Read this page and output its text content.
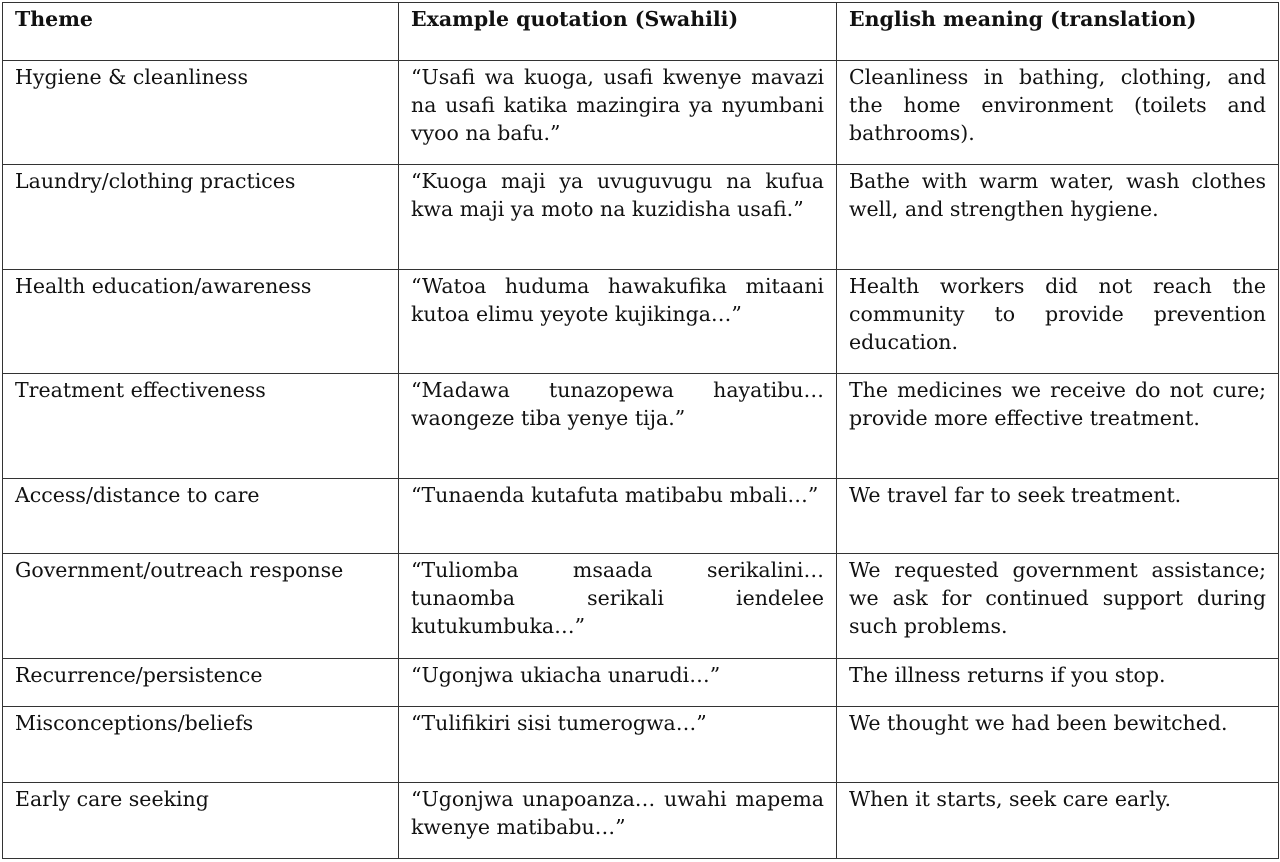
Theme	Example quotation (Swahili)	English meaning (translation)
Hygiene & cleanliness	“Usafi wa kuoga, usafi kwenye mavazi na usafi katika mazingira ya nyumbani vyoo na bafu.”	Cleanliness in bathing, clothing, and the home environment (toilets and bathrooms).
Laundry/clothing practices	“Kuoga maji ya uvuguvugu na kufua kwa maji ya moto na kuzidisha usafi.”	Bathe with warm water, wash clothes well, and strengthen hygiene.
Health education/awareness	“Watoa huduma hawakufika mitaani kutoa elimu yeyote kujikinga…”	Health workers did not reach the community to provide prevention education.
Treatment effectiveness	“Madawa tunazopewa hayatibu… waongeze tiba yenye tija.”	The medicines we receive do not cure; provide more effective treatment.
Access/distance to care	“Tunaenda kutafuta matibabu mbali…”	We travel far to seek treatment.
Government/outreach response	“Tuliomba msaada serikalini… tunaomba serikali iendelee kutukumbuka…”	We requested government assistance; we ask for continued support during such problems.
Recurrence/persistence	“Ugonjwa ukiacha unarudi…”	The illness returns if you stop.
Misconceptions/beliefs	“Tulifikiri sisi tumerogwa…”	We thought we had been bewitched.
Early care seeking	“Ugonjwa unapoanza… uwahi mapema kwenye matibabu…”	When it starts, seek care early.
